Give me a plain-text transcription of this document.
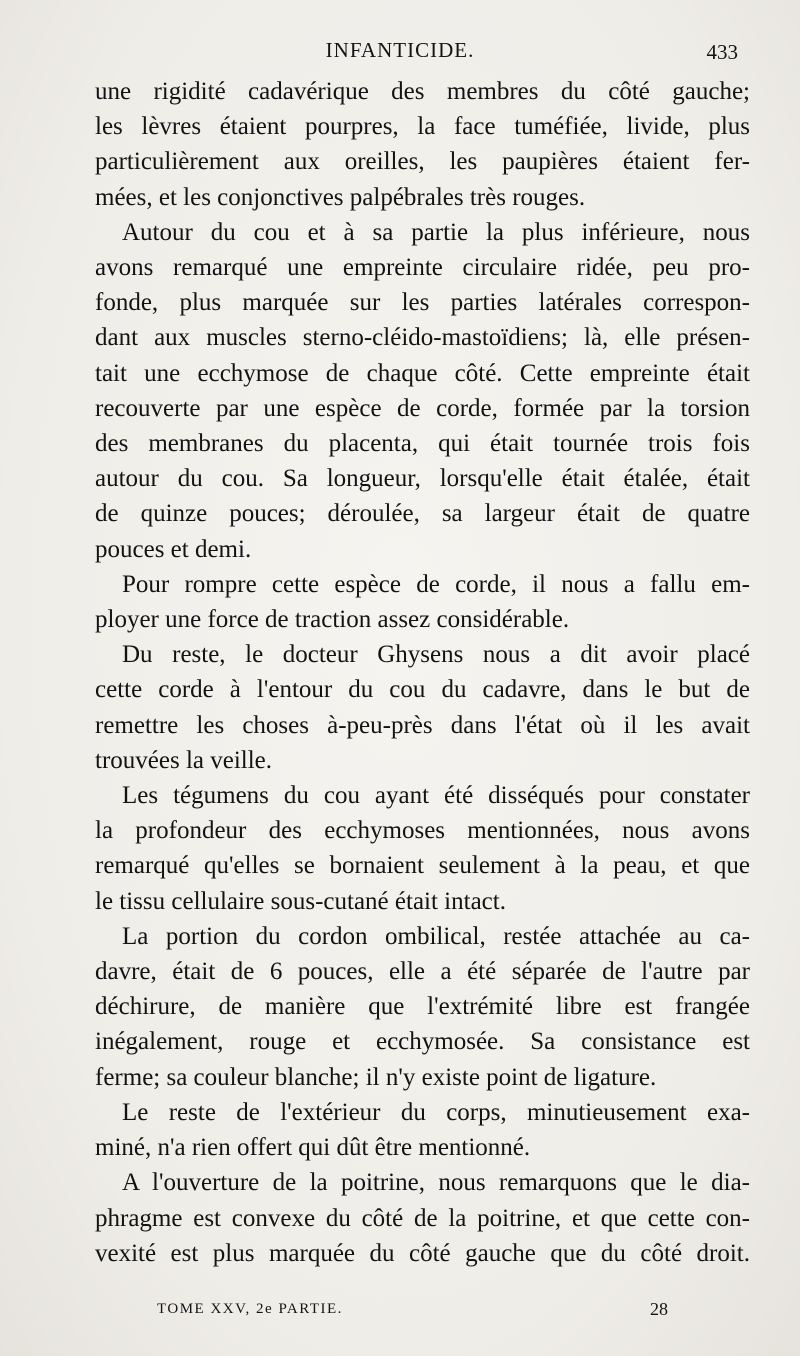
INFANTICIDE.	433

une rigidité cadavérique des membres du côté gauche;
les lèvres étaient pourpres, la face tuméfiée, livide, plus
particulièrement aux oreilles, les paupières étaient fer-
mées, et les conjonctives palpébrales très rouges.

Autour du cou et à sa partie la plus inférieure, nous
avons remarqué une empreinte circulaire ridée, peu pro-
fonde, plus marquée sur les parties latérales correspon-
dant aux muscles sterno-cléido-mastoïdiens; là, elle présen-
tait une ecchymose de chaque côté. Cette empreinte était
recouverte par une espèce de corde, formée par la torsion
des membranes du placenta, qui était tournée trois fois
autour du cou. Sa longueur, lorsqu'elle était étalée, était
de quinze pouces; déroulée, sa largeur était de quatre
pouces et demi.

Pour rompre cette espèce de corde, il nous a fallu em-
ployer une force de traction assez considérable.

Du reste, le docteur Ghysens nous a dit avoir placé
cette corde à l'entour du cou du cadavre, dans le but de
remettre les choses à-peu-près dans l'état où il les avait
trouvées la veille.

Les tégumens du cou ayant été disséqués pour constater
la profondeur des ecchymoses mentionnées, nous avons
remarqué qu'elles se bornaient seulement à la peau, et que
le tissu cellulaire sous-cutané était intact.

La portion du cordon ombilical, restée attachée au ca-
davre, était de 6 pouces, elle a été séparée de l'autre par
déchirure, de manière que l'extrémité libre est frangée
inégalement, rouge et ecchymosée. Sa consistance est
ferme; sa couleur blanche; il n'y existe point de ligature.

Le reste de l'extérieur du corps, minutieusement exa-
miné, n'a rien offert qui dût être mentionné.

A l'ouverture de la poitrine, nous remarquons que le dia-
phragme est convexe du côté de la poitrine, et que cette con-
vexité est plus marquée du côté gauche que du côté droit.

TOME XXV, 2e PARTIE.	28
